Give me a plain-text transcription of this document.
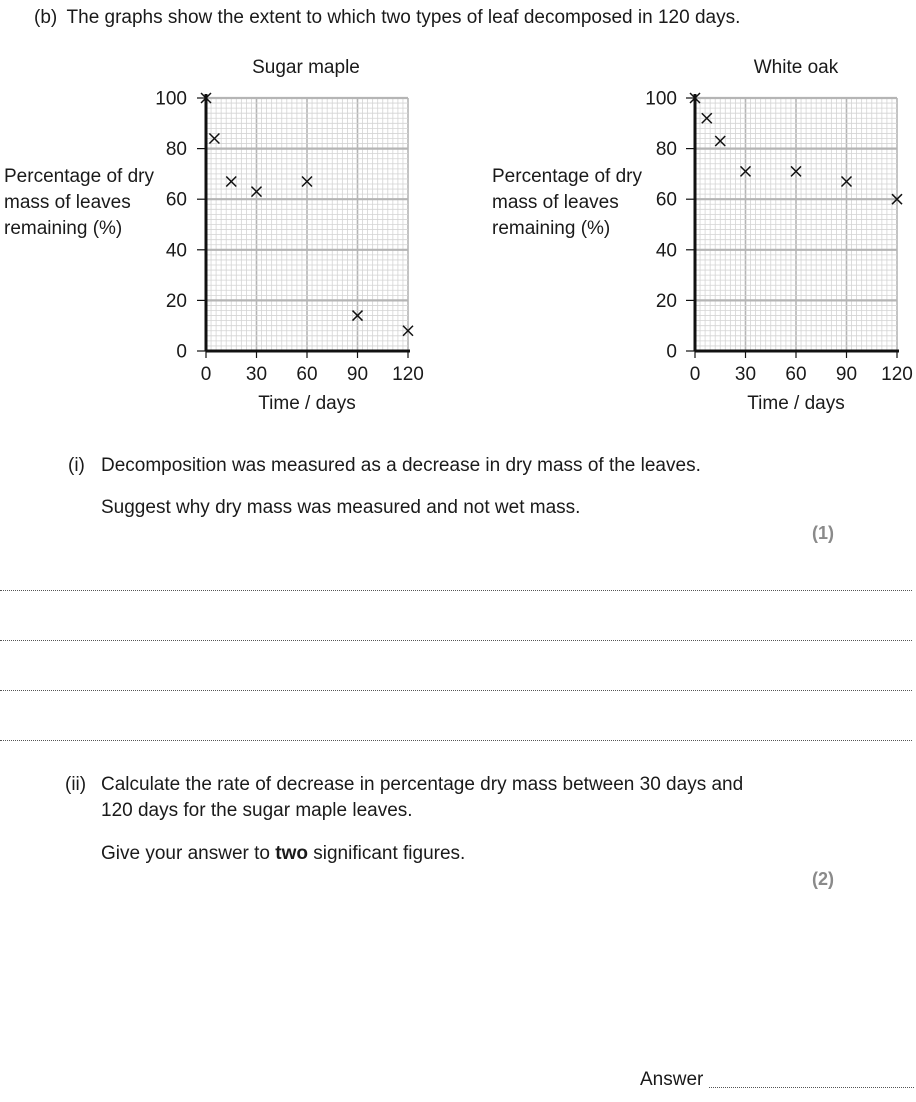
(b) The graphs show the extent to which two types of leaf decomposed in 120 days.
Sugar maple
0
20
40
60
80
100
0 30 60 90 120
Time / days
Percentage of dry
mass of leaves
remaining (%)
White oak
0
20
40
60
80
100
0 30 60 90 120
Time / days
Percentage of dry
mass of leaves
remaining (%)
(i) Decomposition was measured as a decrease in dry mass of the leaves.
Suggest why dry mass was measured and not wet mass.
(1)
(ii) Calculate the rate of decrease in percentage dry mass between 30 days and
120 days for the sugar maple leaves.
Give your answer to two significant figures.
(2)
Answer
